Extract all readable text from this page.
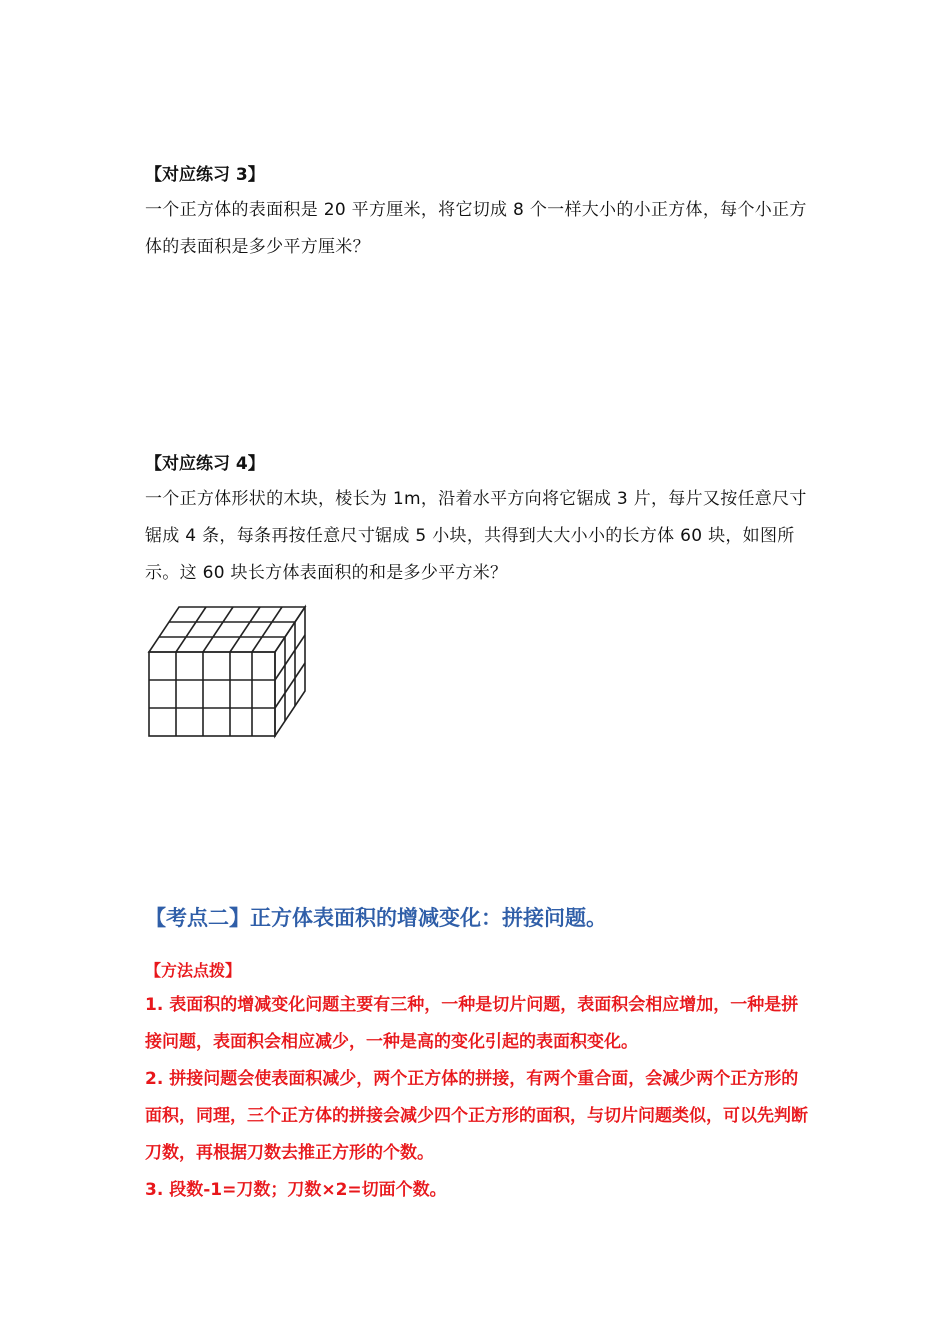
【对应练习 3】
一个正方体的表面积是 20 平方厘米，将它切成 8 个一样大小的小正方体，每个小正方体的表面积是多少平方厘米？
【对应练习 4】
一个正方体形状的木块，棱长为 1m，沿着水平方向将它锯成 3 片，每片又按任意尺寸锯成 4 条，每条再按任意尺寸锯成 5 小块，共得到大大小小的长方体 60 块，如图所示。这 60 块长方体表面积的和是多少平方米？
【考点二】正方体表面积的增减变化：拼接问题。
【方法点拨】
1. 表面积的增减变化问题主要有三种，一种是切片问题，表面积会相应增加，一种是拼接问题，表面积会相应减少，一种是高的变化引起的表面积变化。
2. 拼接问题会使表面积减少，两个正方体的拼接，有两个重合面，会减少两个正方形的面积，同理，三个正方体的拼接会减少四个正方形的面积，与切片问题类似，可以先判断刀数，再根据刀数去推正方形的个数。
3. 段数-1=刀数；刀数×2=切面个数。
